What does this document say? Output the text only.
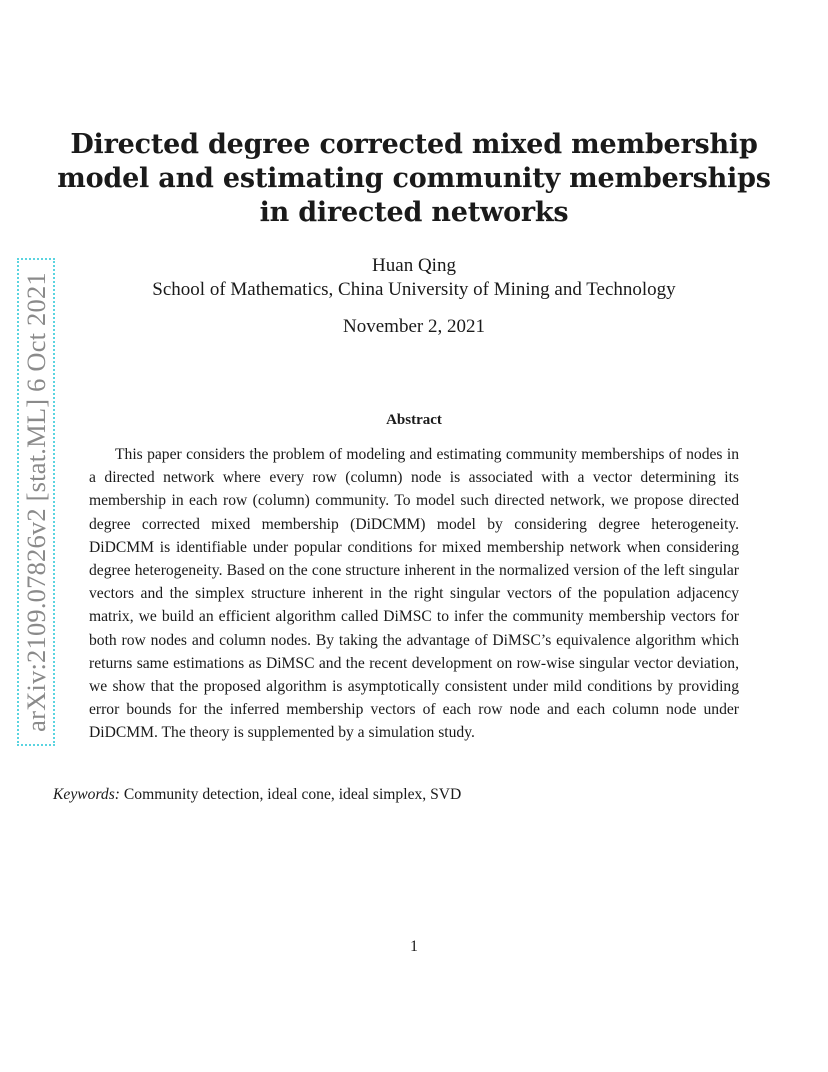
arXiv:2109.07826v2 [stat.ML] 6 Oct 2021
Directed degree corrected mixed membership model and estimating community memberships in directed networks
Huan Qing
School of Mathematics, China University of Mining and Technology
November 2, 2021
Abstract

This paper considers the problem of modeling and estimating community memberships of nodes in a directed network where every row (column) node is associated with a vector determining its membership in each row (column) community. To model such directed network, we propose directed degree corrected mixed membership (DiDCMM) model by considering degree heterogeneity. DiDCMM is identifiable under popular conditions for mixed membership network when considering degree heterogeneity. Based on the cone structure inherent in the normalized version of the left singular vectors and the simplex structure inherent in the right singular vectors of the population adjacency matrix, we build an efficient algorithm called DiMSC to infer the community membership vectors for both row nodes and column nodes. By taking the advantage of DiMSC’s equivalence algorithm which returns same estimations as DiMSC and the recent development on row-wise singular vector deviation, we show that the proposed algorithm is asymptotically consistent under mild conditions by providing error bounds for the inferred membership vectors of each row node and each column node under DiDCMM. The theory is supplemented by a simulation study.

Keywords: Community detection, ideal cone, ideal simplex, SVD
1
